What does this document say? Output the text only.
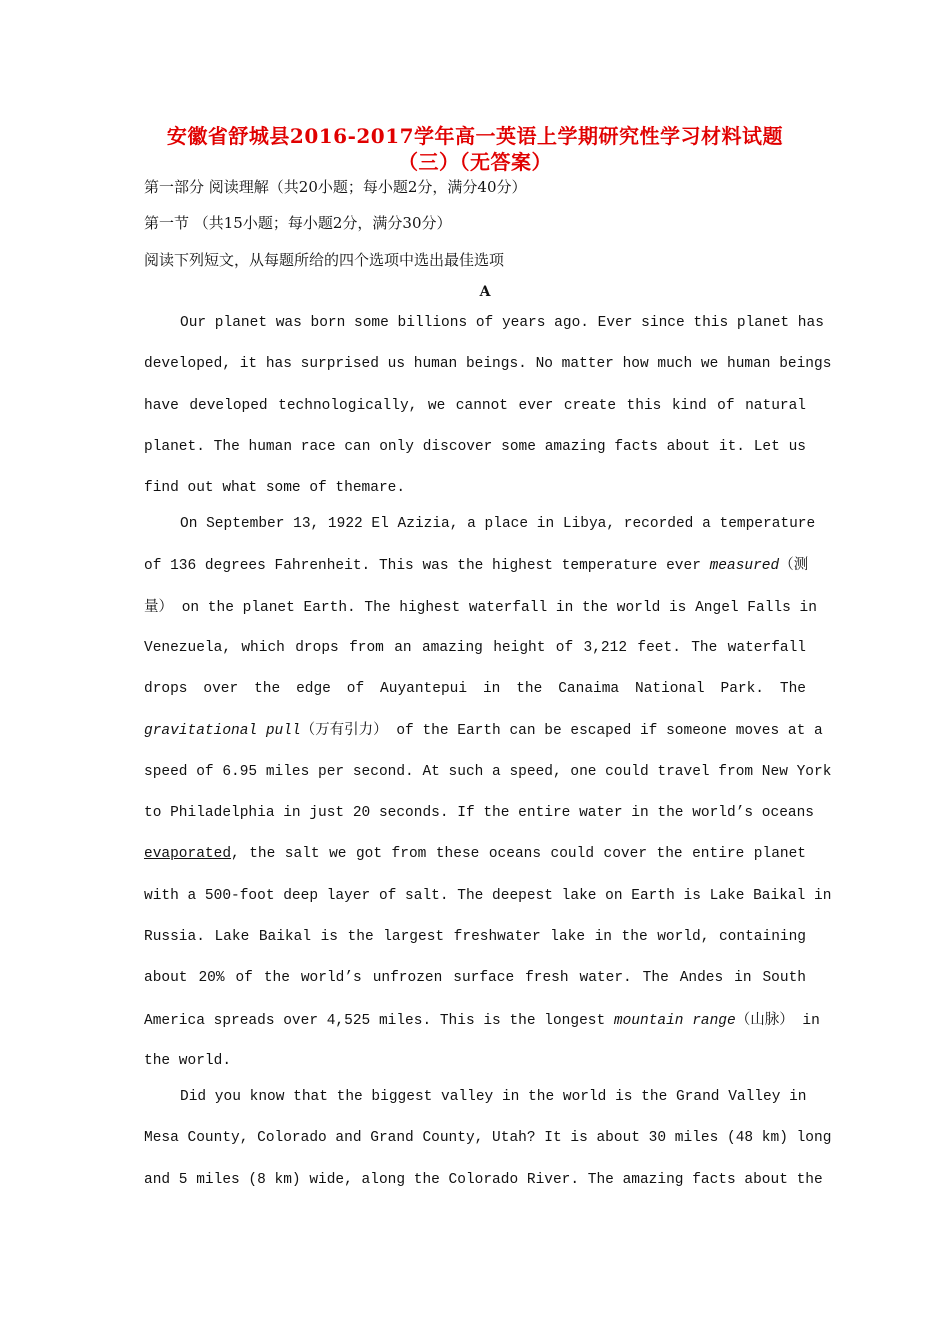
安徽省舒城县2016-2017学年高一英语上学期研究性学习材料试题
（三）（无答案）
第一部分 阅读理解（共20小题；每小题2分，满分40分）
第一节 （共15小题；每小题2分，满分30分）
阅读下列短文，从每题所给的四个选项中选出最佳选项
A
Our planet was born some billions of years ago. Ever since this planet has
developed, it has surprised us human beings. No matter how much we human beings
have developed technologically, we cannot ever create this kind of natural
planet. The human race can only discover some amazing facts about it. Let us
find out what some of themare.
On September 13, 1922 El Azizia, a place in Libya, recorded a temperature
of 136 degrees Fahrenheit. This was the highest temperature ever measured（测
量） on the planet Earth. The highest waterfall in the world is Angel Falls in
Venezuela, which drops from an amazing height of 3,212 feet. The waterfall
drops over the edge of Auyantepui in the Canaima National Park. The
gravitational pull（万有引力） of the Earth can be escaped if someone moves at a
speed of 6.95 miles per second. At such a speed, one could travel from New York
to Philadelphia in just 20 seconds. If the entire water in the world’s oceans
evaporated, the salt we got from these oceans could cover the entire planet
with a 500-foot deep layer of salt. The deepest lake on Earth is Lake Baikal in
Russia. Lake Baikal is the largest freshwater lake in the world, containing
about 20% of the world’s unfrozen surface fresh water. The Andes in South
America spreads over 4,525 miles. This is the longest mountain range（山脉） in
the world.
Did you know that the biggest valley in the world is the Grand Valley in
Mesa County, Colorado and Grand County, Utah? It is about 30 miles (48 km) long
and 5 miles (8 km) wide, along the Colorado River. The amazing facts about the
